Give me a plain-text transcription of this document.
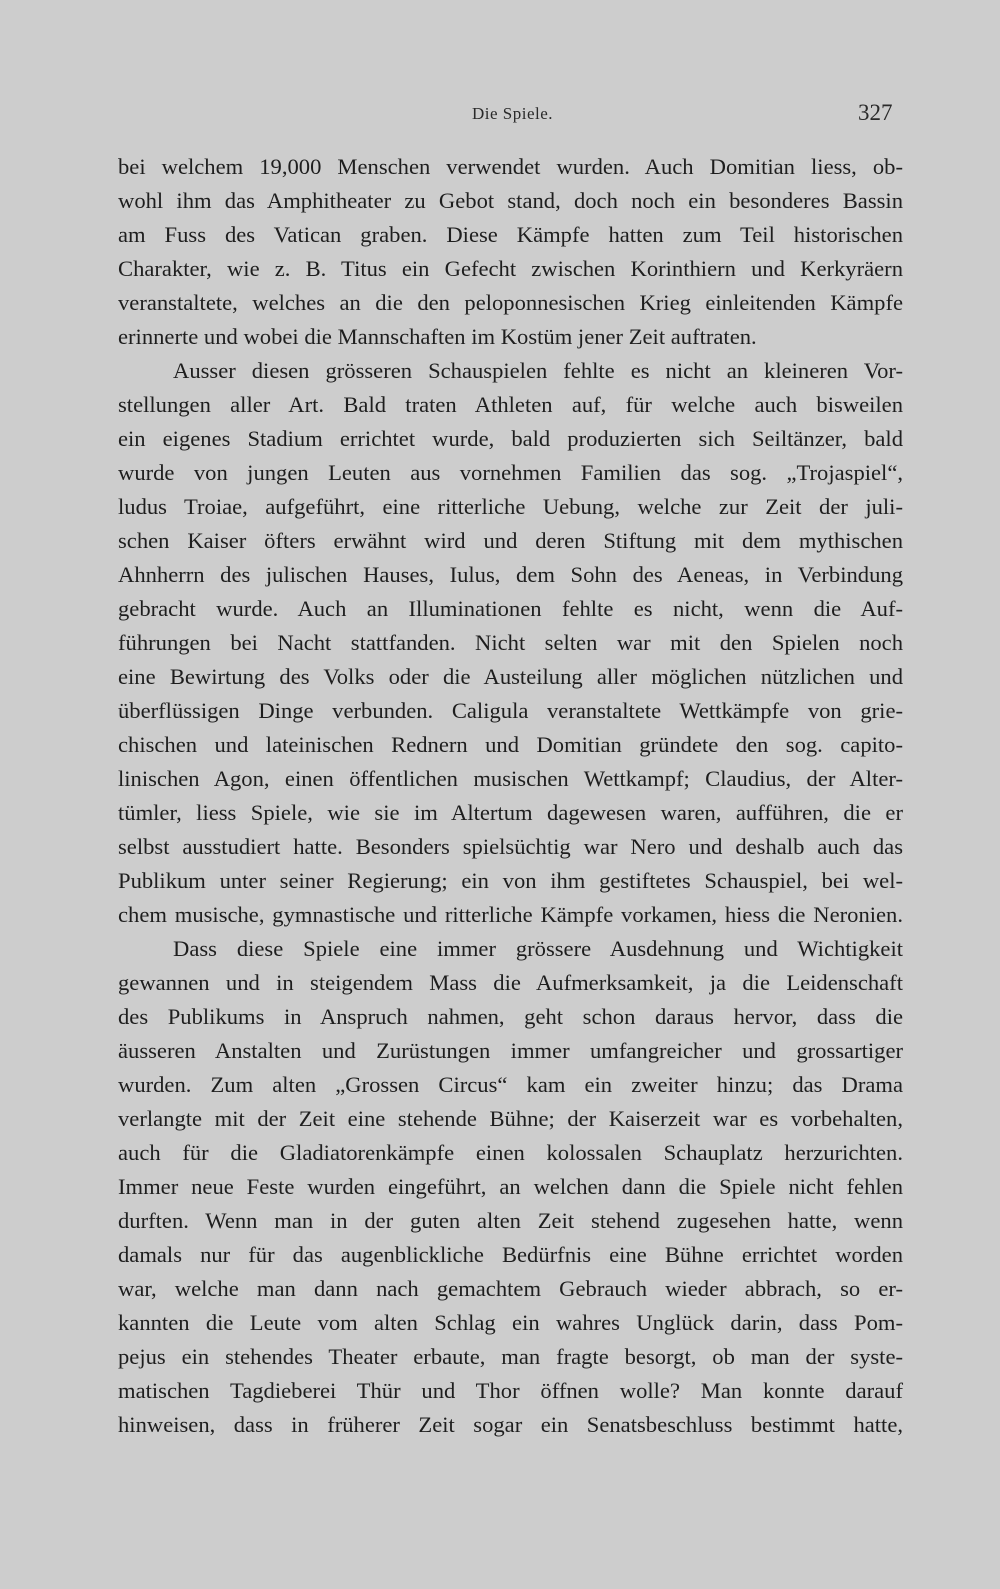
Die Spiele.	327
bei welchem 19,000 Menschen verwendet wurden. Auch Domitian liess, ob-
wohl ihm das Amphitheater zu Gebot stand, doch noch ein besonderes Bassin
am Fuss des Vatican graben. Diese Kämpfe hatten zum Teil historischen
Charakter, wie z. B. Titus ein Gefecht zwischen Korinthiern und Kerkyräern
veranstaltete, welches an die den peloponnesischen Krieg einleitenden Kämpfe
erinnerte und wobei die Mannschaften im Kostüm jener Zeit auftraten.
Ausser diesen grösseren Schauspielen fehlte es nicht an kleineren Vor-
stellungen aller Art. Bald traten Athleten auf, für welche auch bisweilen
ein eigenes Stadium errichtet wurde, bald produzierten sich Seiltänzer, bald
wurde von jungen Leuten aus vornehmen Familien das sog. „Trojaspiel“,
ludus Troiae, aufgeführt, eine ritterliche Uebung, welche zur Zeit der juli-
schen Kaiser öfters erwähnt wird und deren Stiftung mit dem mythischen
Ahnherrn des julischen Hauses, Iulus, dem Sohn des Aeneas, in Verbindung
gebracht wurde. Auch an Illuminationen fehlte es nicht, wenn die Auf-
führungen bei Nacht stattfanden. Nicht selten war mit den Spielen noch
eine Bewirtung des Volks oder die Austeilung aller möglichen nützlichen und
überflüssigen Dinge verbunden. Caligula veranstaltete Wettkämpfe von grie-
chischen und lateinischen Rednern und Domitian gründete den sog. capito-
linischen Agon, einen öffentlichen musischen Wettkampf; Claudius, der Alter-
tümler, liess Spiele, wie sie im Altertum dagewesen waren, aufführen, die er
selbst ausstudiert hatte. Besonders spielsüchtig war Nero und deshalb auch das
Publikum unter seiner Regierung; ein von ihm gestiftetes Schauspiel, bei wel-
chem musische, gymnastische und ritterliche Kämpfe vorkamen, hiess die Neronien.
Dass diese Spiele eine immer grössere Ausdehnung und Wichtigkeit
gewannen und in steigendem Mass die Aufmerksamkeit, ja die Leidenschaft
des Publikums in Anspruch nahmen, geht schon daraus hervor, dass die
äusseren Anstalten und Zurüstungen immer umfangreicher und grossartiger
wurden. Zum alten „Grossen Circus“ kam ein zweiter hinzu; das Drama
verlangte mit der Zeit eine stehende Bühne; der Kaiserzeit war es vorbehalten,
auch für die Gladiatorenkämpfe einen kolossalen Schauplatz herzurichten.
Immer neue Feste wurden eingeführt, an welchen dann die Spiele nicht fehlen
durften. Wenn man in der guten alten Zeit stehend zugesehen hatte, wenn
damals nur für das augenblickliche Bedürfnis eine Bühne errichtet worden
war, welche man dann nach gemachtem Gebrauch wieder abbrach, so er-
kannten die Leute vom alten Schlag ein wahres Unglück darin, dass Pom-
pejus ein stehendes Theater erbaute, man fragte besorgt, ob man der syste-
matischen Tagdieberei Thür und Thor öffnen wolle? Man konnte darauf
hinweisen, dass in früherer Zeit sogar ein Senatsbeschluss bestimmt hatte,
